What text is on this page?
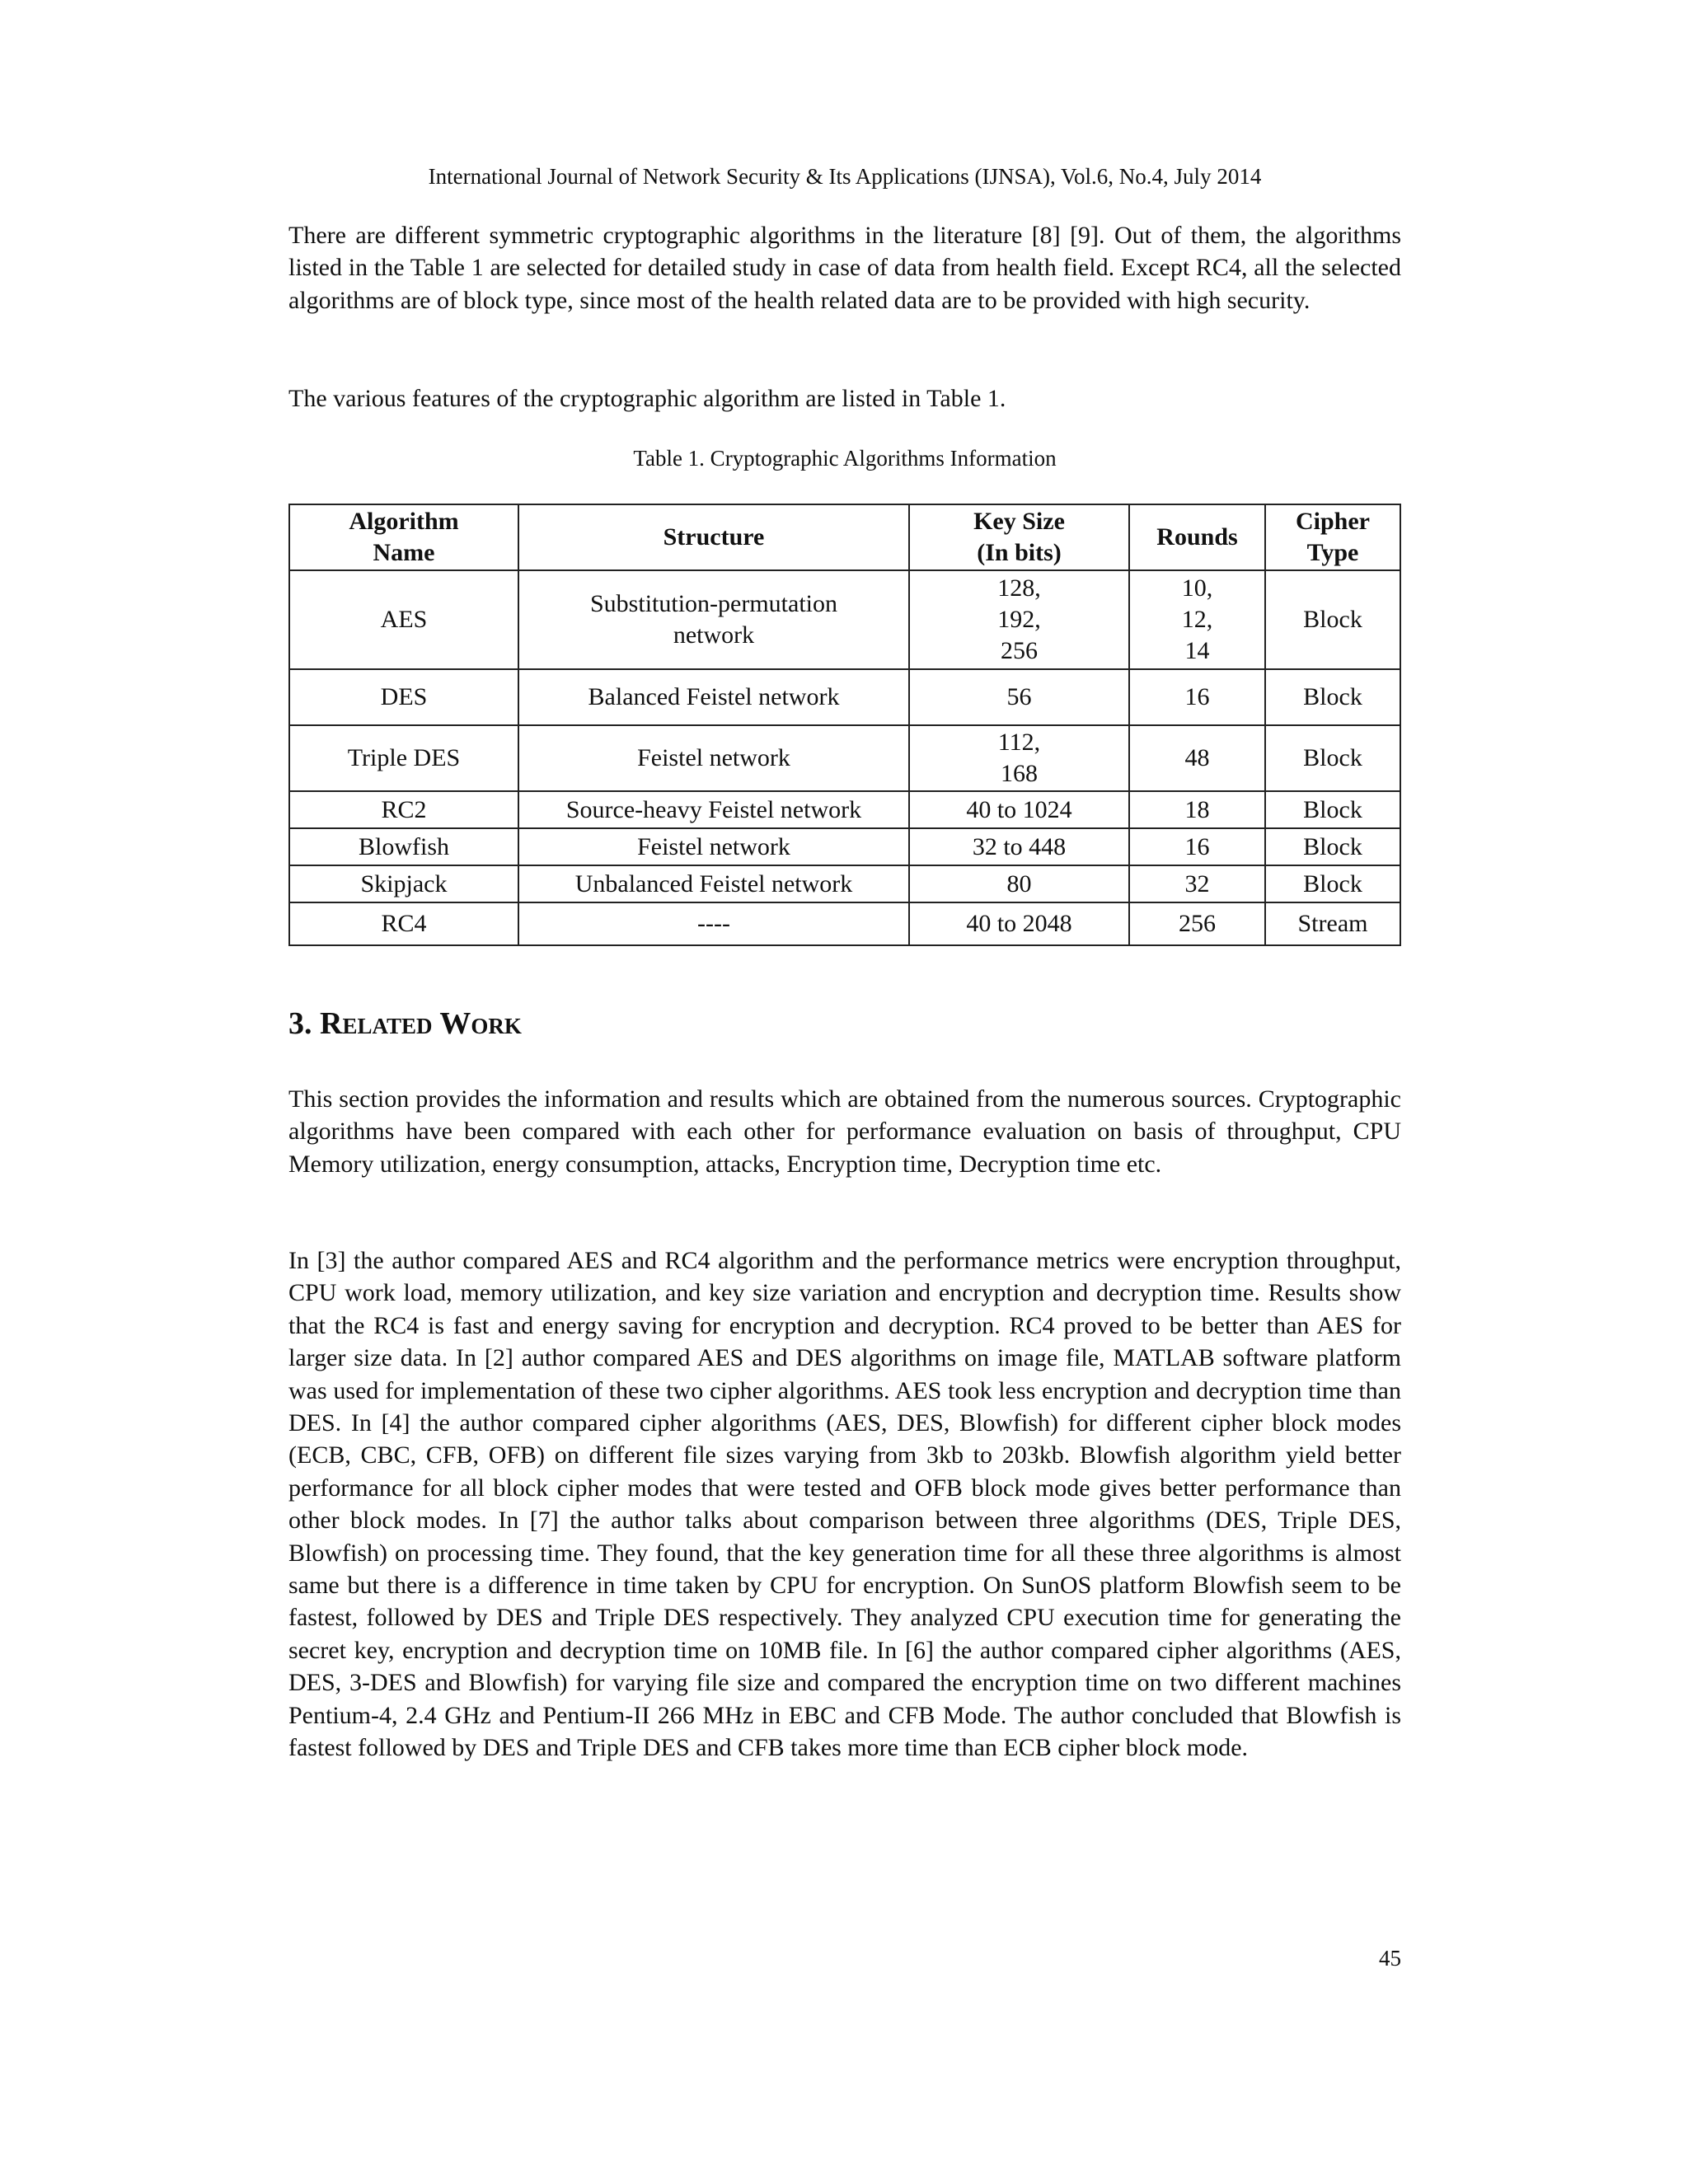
International Journal of Network Security & Its Applications (IJNSA), Vol.6, No.4, July 2014

There are different symmetric cryptographic algorithms in the literature [8] [9]. Out of them, the algorithms listed in the Table 1 are selected for detailed study in case of data from health field. Except RC4, all the selected algorithms are of block type, since most of the health related data are to be provided with high security.

The various features of the cryptographic algorithm are listed in Table 1.

Table 1. Cryptographic Algorithms Information
Algorithm
Name	Structure	Key Size
(In bits)	Rounds	Cipher
Type

AES	Substitution-permutation
network	128,
192,
256	10,
12,
14	Block
DES	Balanced Feistel network	56	16	Block
Triple DES	Feistel network	112,
168	48	Block
RC2	Source-heavy Feistel network	40 to 1024	18	Block
Blowfish	Feistel network	32 to 448	16	Block
Skipjack	Unbalanced Feistel network	80	32	Block
RC4	----	40 to 2048	256	Stream
3. Related Work

This section provides the information and results which are obtained from the numerous sources. Cryptographic algorithms have been compared with each other for performance evaluation on basis of throughput, CPU Memory utilization, energy consumption, attacks, Encryption time, Decryption time etc.

In [3] the author compared AES and RC4 algorithm and the performance metrics were encryption throughput, CPU work load, memory utilization, and key size variation and encryption and decryption time. Results show that the RC4 is fast and energy saving for encryption and decryption. RC4 proved to be better than AES for larger size data. In [2] author compared AES and DES algorithms on image file, MATLAB software platform was used for implementation of these two cipher algorithms. AES took less encryption and decryption time than DES. In [4] the author compared cipher algorithms (AES, DES, Blowfish) for different cipher block modes (ECB, CBC, CFB, OFB) on different file sizes varying from 3kb to 203kb. Blowfish algorithm yield better performance for all block cipher modes that were tested and OFB block mode gives better performance than other block modes. In [7] the author talks about comparison between three algorithms (DES, Triple DES, Blowfish) on processing time. They found, that the key generation time for all these three algorithms is almost same but there is a difference in time taken by CPU for encryption. On SunOS platform Blowfish seem to be fastest, followed by DES and Triple DES respectively. They analyzed CPU execution time for generating the secret key, encryption and decryption time on 10MB file. In [6] the author compared cipher algorithms (AES, DES, 3-DES and Blowfish) for varying file size and compared the encryption time on two different machines Pentium-4, 2.4 GHz and Pentium-II 266 MHz in EBC and CFB Mode. The author concluded that Blowfish is fastest followed by DES and Triple DES and CFB takes more time than ECB cipher block mode.

45
